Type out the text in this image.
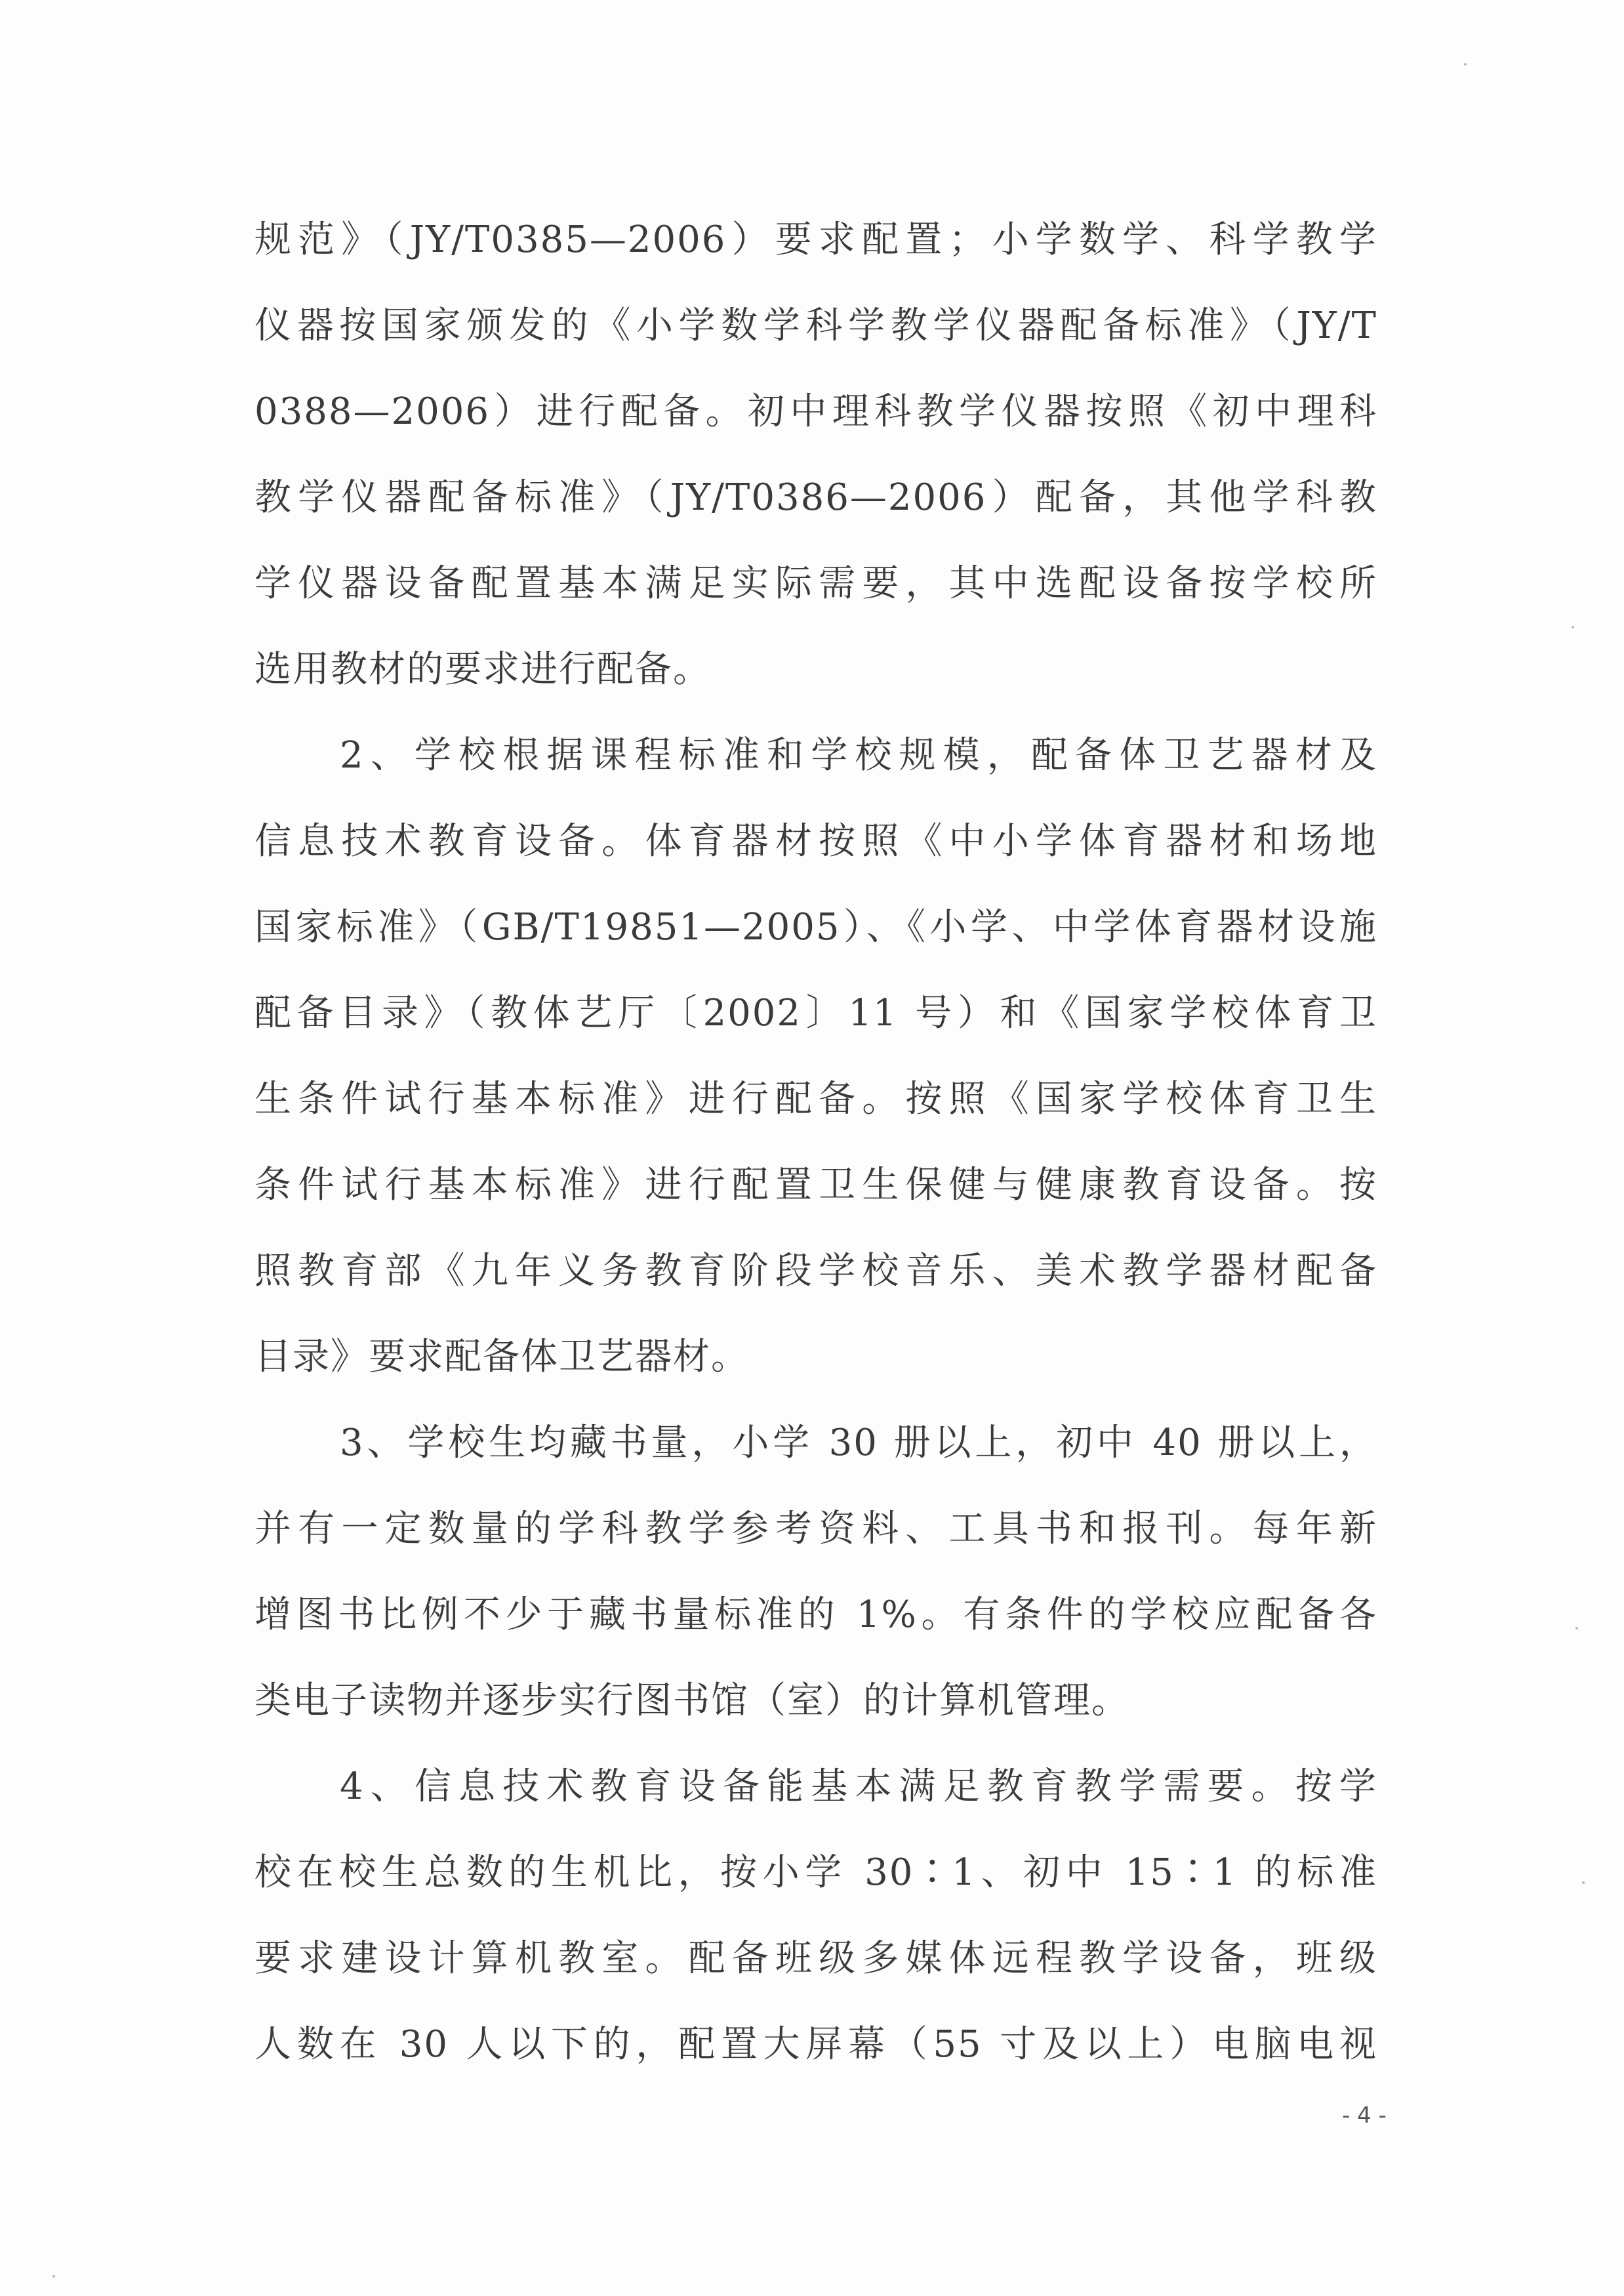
规范》（JY/T0385—2006）要求配置；小学数学、科学教学
仪器按国家颁发的《小学数学科学教学仪器配备标准》（JY/T
0388—2006）进行配备。初中理科教学仪器按照《初中理科
教学仪器配备标准》（JY/T0386—2006）配备，其他学科教
学仪器设备配置基本满足实际需要，其中选配设备按学校所
选用教材的要求进行配备。
2、学校根据课程标准和学校规模，配备体卫艺器材及
信息技术教育设备。体育器材按照《中小学体育器材和场地
国家标准》（GB/T19851—2005）、《小学、中学体育器材设施
配备目录》（教体艺厅〔2002〕11 号）和《国家学校体育卫
生条件试行基本标准》进行配备。按照《国家学校体育卫生
条件试行基本标准》进行配置卫生保健与健康教育设备。按
照教育部《九年义务教育阶段学校音乐、美术教学器材配备
目录》要求配备体卫艺器材。
3、学校生均藏书量，小学 30 册以上，初中 40 册以上，
并有一定数量的学科教学参考资料、工具书和报刊。每年新
增图书比例不少于藏书量标准的 1%。有条件的学校应配备各
类电子读物并逐步实行图书馆（室）的计算机管理。
4、信息技术教育设备能基本满足教育教学需要。按学
校在校生总数的生机比，按小学 30∶1、初中 15∶1 的标准
要求建设计算机教室。配备班级多媒体远程教学设备，班级
人数在 30 人以下的，配置大屏幕（55 寸及以上）电脑电视
- 4 -
